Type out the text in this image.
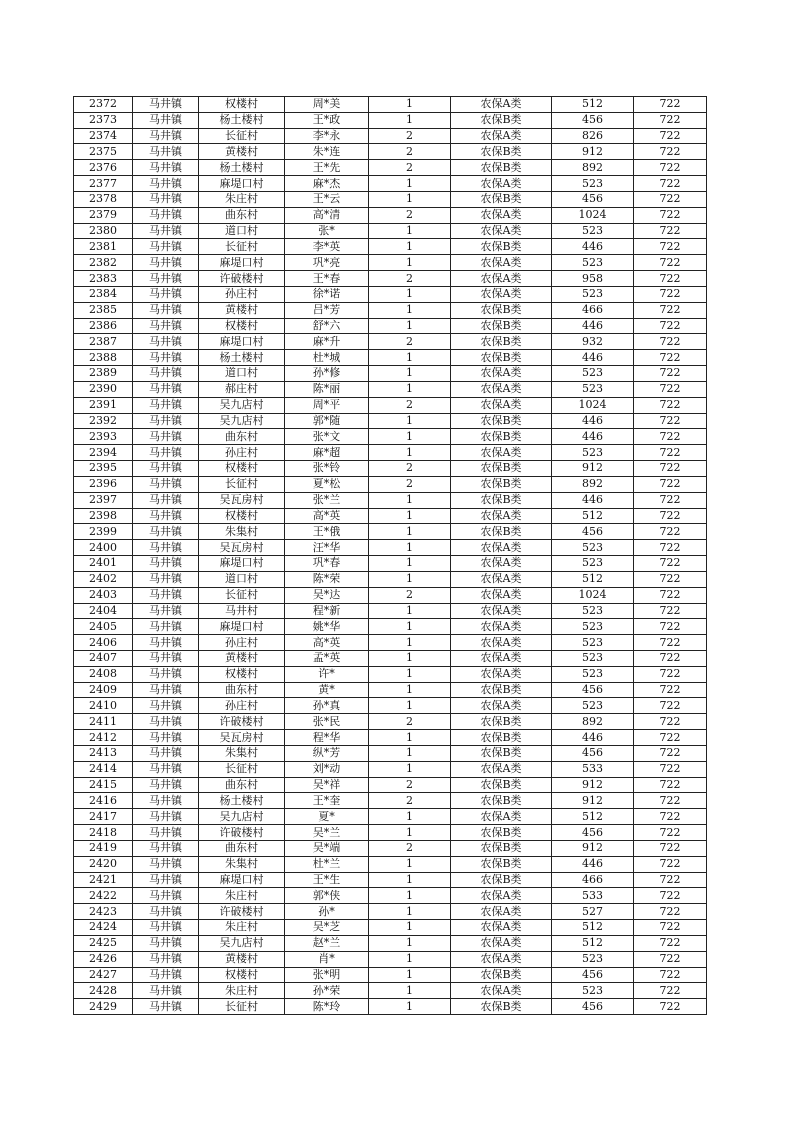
2372	马井镇	权楼村	周*美	1	农保A类	512	722
2373	马井镇	杨土楼村	王*政	1	农保B类	456	722
2374	马井镇	长征村	李*永	2	农保A类	826	722
2375	马井镇	黄楼村	朱*连	2	农保B类	912	722
2376	马井镇	杨土楼村	王*先	2	农保B类	892	722
2377	马井镇	麻堤口村	麻*杰	1	农保A类	523	722
2378	马井镇	朱庄村	王*云	1	农保B类	456	722
2379	马井镇	曲东村	高*清	2	农保A类	1024	722
2380	马井镇	道口村	张*	1	农保A类	523	722
2381	马井镇	长征村	李*英	1	农保B类	446	722
2382	马井镇	麻堤口村	巩*亮	1	农保A类	523	722
2383	马井镇	许破楼村	王*春	2	农保A类	958	722
2384	马井镇	孙庄村	徐*诺	1	农保A类	523	722
2385	马井镇	黄楼村	吕*芳	1	农保B类	466	722
2386	马井镇	权楼村	舒*六	1	农保B类	446	722
2387	马井镇	麻堤口村	麻*升	2	农保B类	932	722
2388	马井镇	杨土楼村	杜*城	1	农保B类	446	722
2389	马井镇	道口村	孙*修	1	农保A类	523	722
2390	马井镇	郝庄村	陈*丽	1	农保A类	523	722
2391	马井镇	吴九店村	周*平	2	农保A类	1024	722
2392	马井镇	吴九店村	郭*随	1	农保B类	446	722
2393	马井镇	曲东村	张*文	1	农保B类	446	722
2394	马井镇	孙庄村	麻*超	1	农保A类	523	722
2395	马井镇	权楼村	张*铃	2	农保B类	912	722
2396	马井镇	长征村	夏*松	2	农保B类	892	722
2397	马井镇	吴瓦房村	张*兰	1	农保B类	446	722
2398	马井镇	权楼村	高*英	1	农保A类	512	722
2399	马井镇	朱集村	王*俄	1	农保B类	456	722
2400	马井镇	吴瓦房村	汪*华	1	农保A类	523	722
2401	马井镇	麻堤口村	巩*春	1	农保A类	523	722
2402	马井镇	道口村	陈*荣	1	农保A类	512	722
2403	马井镇	长征村	吴*达	2	农保A类	1024	722
2404	马井镇	马井村	程*新	1	农保A类	523	722
2405	马井镇	麻堤口村	姚*华	1	农保A类	523	722
2406	马井镇	孙庄村	高*英	1	农保A类	523	722
2407	马井镇	黄楼村	孟*英	1	农保A类	523	722
2408	马井镇	权楼村	许*	1	农保A类	523	722
2409	马井镇	曲东村	黄*	1	农保B类	456	722
2410	马井镇	孙庄村	孙*真	1	农保A类	523	722
2411	马井镇	许破楼村	张*民	2	农保B类	892	722
2412	马井镇	吴瓦房村	程*华	1	农保B类	446	722
2413	马井镇	朱集村	纵*芳	1	农保B类	456	722
2414	马井镇	长征村	刘*动	1	农保A类	533	722
2415	马井镇	曲东村	吴*祥	2	农保B类	912	722
2416	马井镇	杨土楼村	王*奎	2	农保B类	912	722
2417	马井镇	吴九店村	夏*	1	农保A类	512	722
2418	马井镇	许破楼村	吴*兰	1	农保B类	456	722
2419	马井镇	曲东村	吴*端	2	农保B类	912	722
2420	马井镇	朱集村	杜*兰	1	农保B类	446	722
2421	马井镇	麻堤口村	王*生	1	农保B类	466	722
2422	马井镇	朱庄村	郭*侠	1	农保A类	533	722
2423	马井镇	许破楼村	孙*	1	农保A类	527	722
2424	马井镇	朱庄村	吴*芝	1	农保A类	512	722
2425	马井镇	吴九店村	赵*兰	1	农保A类	512	722
2426	马井镇	黄楼村	肖*	1	农保A类	523	722
2427	马井镇	权楼村	张*明	1	农保B类	456	722
2428	马井镇	朱庄村	孙*荣	1	农保A类	523	722
2429	马井镇	长征村	陈*玲	1	农保B类	456	722
